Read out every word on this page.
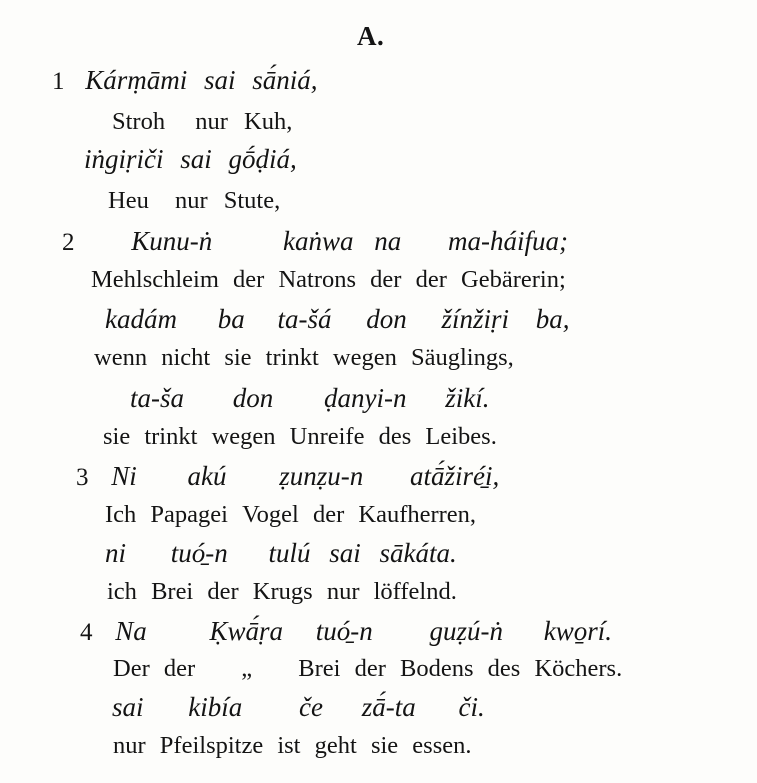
A.
1 Kárṃāmi sai sā́niá,
Stroh nur Kuh,
iṅgiṛiči sai gṓḍiá,
Heu nur Stute,
2 Kunu-ṅ	kaṅwa na ma-háifua;
Mehlschleim der Natrons der der Gebärerin;
kadám ba ta-šá don žínžiṛi ba,
wenn nicht sie trinkt wegen Säuglings,
ta-ša don ḍanyi-n žikí.
sie trinkt wegen Unreife des Leibes.
3 Ni akú ẓunẓu-n atā́žiré̱i,
Ich Papagei Vogel der Kaufherren,
ni tuó̱-n tulú sai sākáta.
ich Brei der Krugs nur löffelnd.
4 Na Ḳwā́ṛa tuó̱-n guẓú-ṅ kwo̱rí.
Der der „ Brei der Bodens des Köchers.
sai kibía če zā́-ta či.
nur Pfeilspitze ist geht sie essen.
